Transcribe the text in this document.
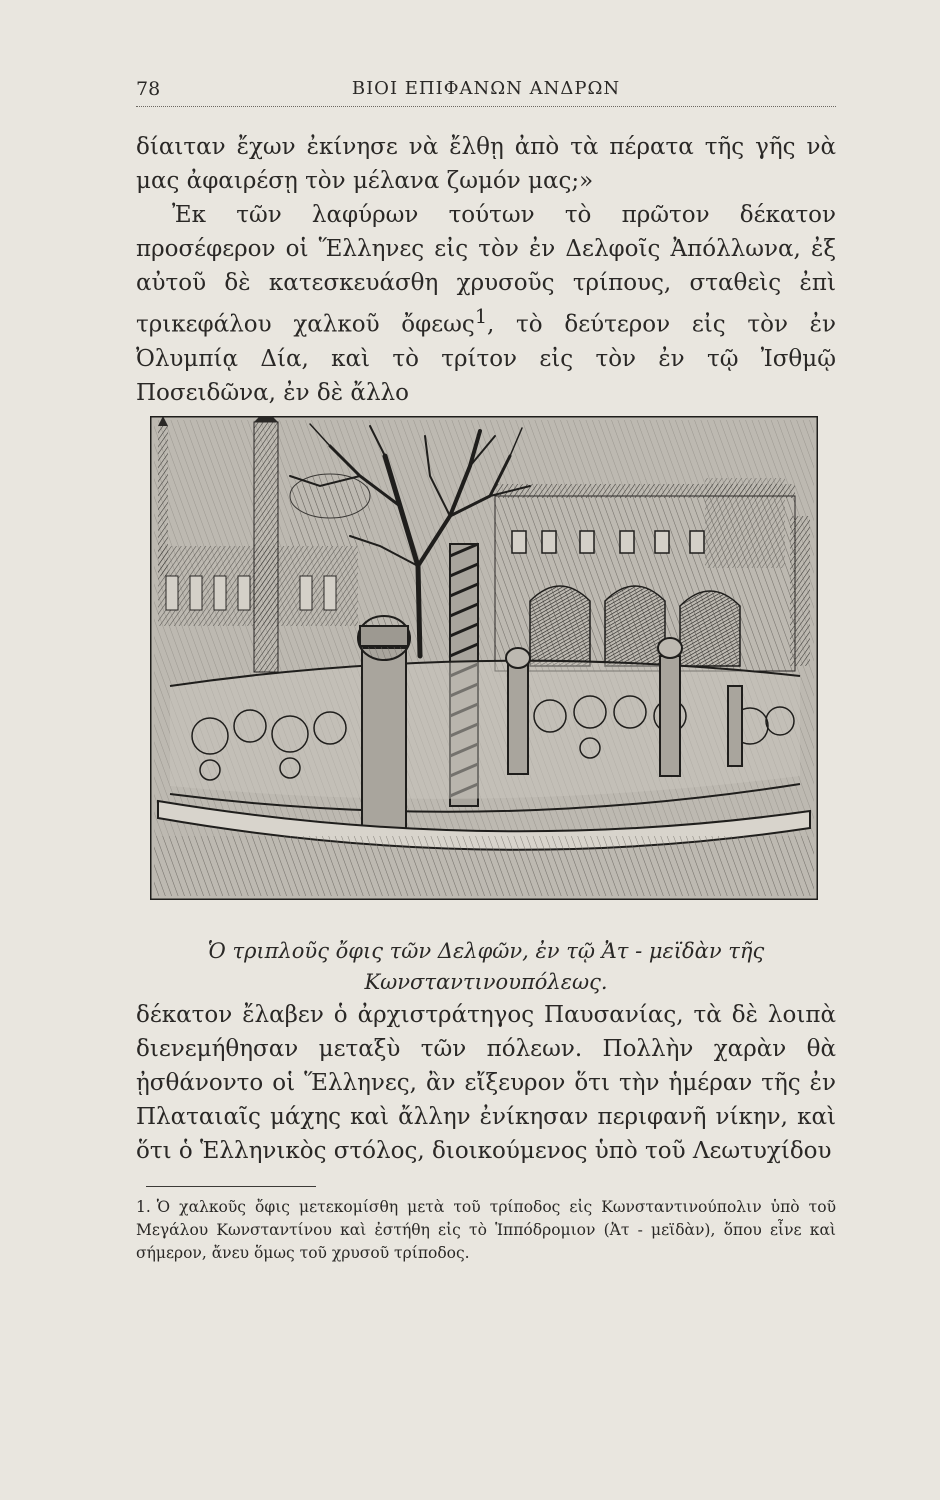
78	ΒΙΟΙ ΕΠΙΦΑΝΩΝ ΑΝΔΡΩΝ

δίαιταν ἔχων ἐκίνησε νὰ ἔλθῃ ἀπὸ τὰ πέρατα τῆς γῆς νὰ μας ἀφαιρέσῃ τὸν μέλανα ζωμόν μας;»

Ἐκ τῶν λαφύρων τούτων τὸ πρῶτον δέκατον προσέφερον οἱ Ἕλληνες εἰς τὸν ἐν Δελφοῖς Ἀπόλλωνα, ἐξ αὐτοῦ δὲ κατεσκευάσθη χρυσοῦς τρίπους, σταθεὶς ἐπὶ τρικεφάλου χαλκοῦ ὄφεως$^1$, τὸ δεύτερον εἰς τὸν ἐν Ὀλυμπίᾳ Δία, καὶ τὸ τρίτον εἰς τὸν ἐν τῷ Ἰσθμῷ Ποσειδῶνα, ἐν δὲ ἄλλο

Ὁ τριπλοῦς ὄφις τῶν Δελφῶν, ἐν τῷ Ἀτ - μεϊδὰν τῆς

Κωνσταντινουπόλεως.

δέκατον ἔλαβεν ὁ ἀρχιστράτηγος Παυσανίας, τὰ δὲ λοιπὰ διενεμήθησαν μεταξὺ τῶν πόλεων. Πολλὴν χαρὰν θὰ ᾐσθάνοντο οἱ Ἕλληνες, ἂν εἴξευρον ὅτι τὴν ἡμέραν τῆς ἐν Πλαταιαῖς μάχης καὶ ἄλλην ἐνίκησαν περιφανῆ νίκην, καὶ ὅτι ὁ Ἑλληνικὸς στόλος, διοικούμενος ὑπὸ τοῦ Λεωτυχίδου

1. Ὁ χαλκοῦς ὄφις μετεκομίσθη μετὰ τοῦ τρίποδος εἰς Κωνσταντινούπολιν ὑπὸ τοῦ Μεγάλου Κωνσταντίνου καὶ ἐστήθη εἰς τὸ Ἱππόδρομιον (Ἀτ - μεϊδὰν), ὅπου εἶνε καὶ σήμερον, ἄνευ ὅμως τοῦ χρυσοῦ τρίποδος.
